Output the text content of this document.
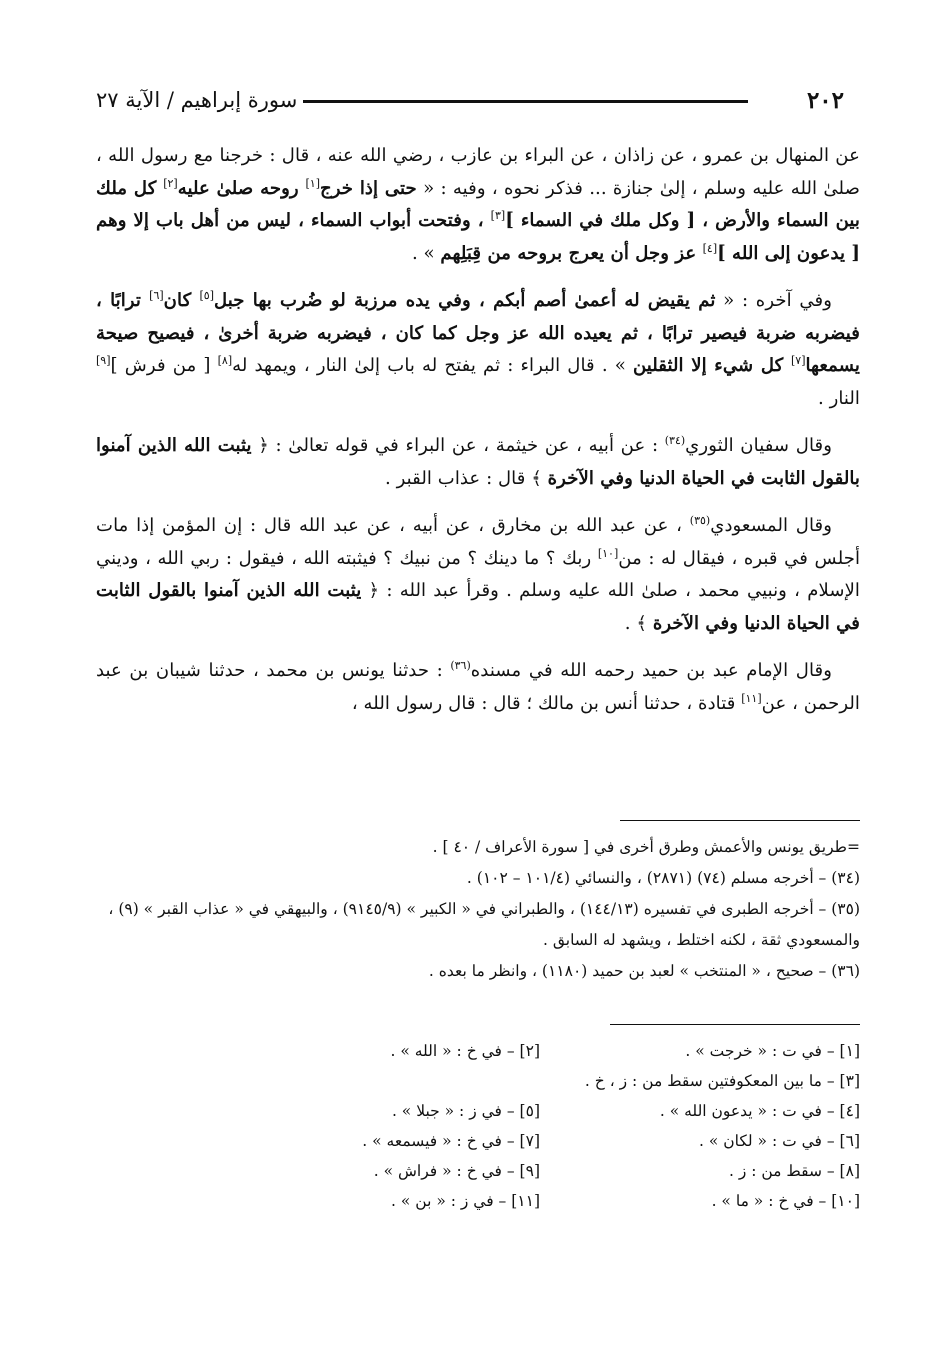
٢٠٢
سورة إبراهيم / الآية ٢٧

عن المنهال بن عمرو ، عن زاذان ، عن البراء بن عازب ، رضي الله عنه ، قال : خرجنا مع رسول الله ، صلىٰ الله عليه وسلم ، إلىٰ جنازة ... فذكر نحوه ، وفيه : « حتى إذا خرج[١] روحه صلىٰ عليه[٢] كل ملك بين السماء والأرض ، [ وكل ملك في السماء ][٣] ، وفتحت أبواب السماء ، ليس من أهل باب إلا وهم [ يدعون إلى الله ][٤] عز وجل أن يعرج بروحه من قِبَلِهم » .

وفي آخره : « ثم يقيض له أعمىٰ أصم أبكم ، وفي يده مرزبة لو ضُرب بها جبل[٥] كان[٦] ترابًا ، فيضربه ضربة فيصير ترابًا ، ثم يعيده الله عز وجل كما كان ، فيضربه ضربة أخرىٰ ، فيصيح صيحة يسمعها[٧] كل شيء إلا الثقلين » . قال البراء : ثم يفتح له باب إلىٰ النار ، ويمهد له[٨] [ من فرش ][٩] النار .

وقال سفيان الثوري$^{(٣٤)}$ : عن أبيه ، عن خيثمة ، عن البراء في قوله تعالىٰ : ﴿ يثبت الله الذين آمنوا بالقول الثابت في الحياة الدنيا وفي الآخرة ﴾ قال : عذاب القبر .

وقال المسعودي$^{(٣٥)}$ ، عن عبد الله بن مخارق ، عن أبيه ، عن عبد الله قال : إن المؤمن إذا مات أجلس في قبره ، فيقال له : من[١٠] ربك ؟ ما دينك ؟ من نبيك ؟ فيثبته الله ، فيقول : ربي الله ، وديني الإسلام ، ونبيي محمد ، صلىٰ الله عليه وسلم . وقرأ عبد الله : ﴿ يثبت الله الذين آمنوا بالقول الثابت في الحياة الدنيا وفي الآخرة ﴾ .

وقال الإمام عبد بن حميد رحمه الله في مسنده$^{(٣٦)}$ : حدثنا يونس بن محمد ، حدثنا شيبان بن عبد الرحمن ، عن[١١] قتادة ، حدثنا أنس بن مالك ؛ قال : قال رسول الله ،

=طريق يونس والأعمش وطرق أخرى في [ سورة الأعراف / ٤٠ ] .
(٣٤) – أخرجه مسلم (٧٤) (٢٨٧١) ، والنسائي (١٠١/٤ – ١٠٢) .
(٣٥) – أخرجه الطبرى في تفسيره (١٤٤/١٣) ، والطبراني في « الكبير » (٩١٤٥/٩) ، والبيهقي في « عذاب القبر » (٩) ، والمسعودي ثقة ، لكنه اختلط ، ويشهد له السابق .
(٣٦) – صحيح ، « المنتخب » لعبد بن حميد (١١٨٠) ، وانظر ما بعده .
[١] – في ت : « خرجت » .
[٢] – في خ : « الله » .
[٣] – ما بين المعكوفتين سقط من : ز ، خ .
[٤] – في ت : « يدعون الله » .
[٥] – في ز : « جبلا » .
[٦] – في ت : « لكان » .
[٧] – في خ : « فيسمعه » .
[٨] – سقط من : ز .
[٩] – في خ : « فراش » .
[١٠] – في خ : « ما » .
[١١] – في ز : « بن » .
